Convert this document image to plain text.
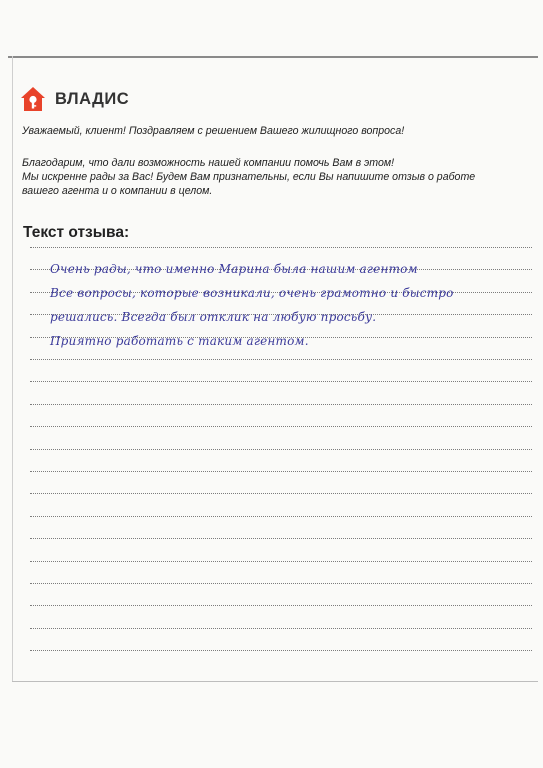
ВЛАДИС

Уважаемый, клиент! Поздравляем с решением Вашего жилищного вопроса!

Благодарим, что дали возможность нашей компании помочь Вам в этом!
Мы искренне рады за Вас! Будем Вам признательны, если Вы напишите отзыв о работе
вашего агента и о компании в целом.

Текст отзыва:
Очень рады, что именно Марина была нашим агентом
Все вопросы, которые возникали, очень грамотно и быстро
решались. Всегда был отклик на любую просьбу.
Приятно работать с таким агентом.
